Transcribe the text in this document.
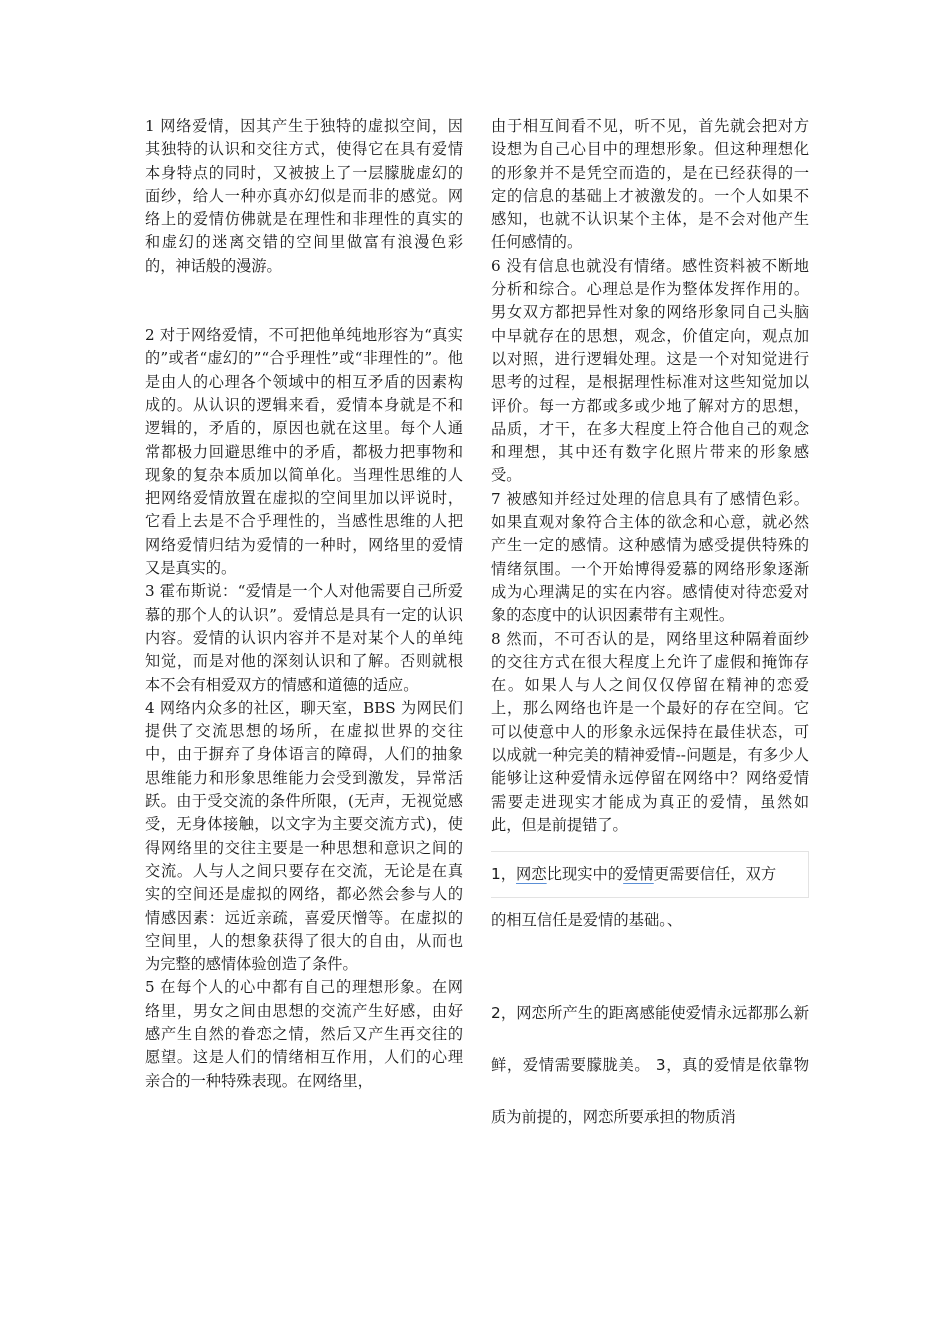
1 网络爱情，因其产生于独特的虚拟空间，因其独特的认识和交往方式，使得它在具有爱情本身特点的同时，又被披上了一层朦胧虚幻的面纱，给人一种亦真亦幻似是而非的感觉。网络上的爱情仿佛就是在理性和非理性的真实的和虚幻的迷离交错的空间里做富有浪漫色彩的，神话般的漫游。

2 对于网络爱情，不可把他单纯地形容为“真实的”或者“虚幻的”“合乎理性”或“非理性的”。他是由人的心理各个领域中的相互矛盾的因素构成的。从认识的逻辑来看，爱情本身就是不和逻辑的，矛盾的，原因也就在这里。每个人通常都极力回避思维中的矛盾，都极力把事物和现象的复杂本质加以简单化。当理性思维的人把网络爱情放置在虚拟的空间里加以评说时，它看上去是不合乎理性的，当感性思维的人把网络爱情归结为爱情的一种时，网络里的爱情又是真实的。

3 霍布斯说：“爱情是一个人对他需要自己所爱慕的那个人的认识”。爱情总是具有一定的认识内容。爱情的认识内容并不是对某个人的单纯知觉，而是对他的深刻认识和了解。否则就根本不会有相爱双方的情感和道德的适应。

4 网络内众多的社区，聊天室，BBS 为网民们提供了交流思想的场所，在虚拟世界的交往中，由于摒弃了身体语言的障碍，人们的抽象思维能力和形象思维能力会受到激发，异常活跃。由于受交流的条件所限，(无声，无视觉感受，无身体接触，以文字为主要交流方式)，使得网络里的交往主要是一种思想和意识之间的交流。人与人之间只要存在交流，无论是在真实的空间还是虚拟的网络，都必然会参与人的情感因素：远近亲疏，喜爱厌憎等。在虚拟的空间里，人的想象获得了很大的自由，从而也为完整的感情体验创造了条件。

5 在每个人的心中都有自己的理想形象。在网络里，男女之间由思想的交流产生好感，由好感产生自然的眷恋之情，然后又产生再交往的愿望。这是人们的情绪相互作用，人们的心理亲合的一种特殊表现。在网络里，

由于相互间看不见，听不见，首先就会把对方设想为自己心目中的理想形象。但这种理想化的形象并不是凭空而造的，是在已经获得的一定的信息的基础上才被激发的。一个人如果不感知，也就不认识某个主体，是不会对他产生任何感情的。

6 没有信息也就没有情绪。感性资料被不断地分析和综合。心理总是作为整体发挥作用的。男女双方都把异性对象的网络形象同自己头脑中早就存在的思想，观念，价值定向，观点加以对照，进行逻辑处理。这是一个对知觉进行思考的过程，是根据理性标准对这些知觉加以评价。每一方都或多或少地了解对方的思想，品质，才干，在多大程度上符合他自己的观念和理想，其中还有数字化照片带来的形象感受。

7 被感知并经过处理的信息具有了感情色彩。如果直观对象符合主体的欲念和心意，就必然产生一定的感情。这种感情为感受提供特殊的情绪氛围。一个开始博得爱慕的网络形象逐渐成为心理满足的实在内容。感情使对待恋爱对象的态度中的认识因素带有主观性。

8 然而，不可否认的是，网络里这种隔着面纱的交往方式在很大程度上允许了虚假和掩饰存在。如果人与人之间仅仅停留在精神的恋爱上，那么网络也许是一个最好的存在空间。它可以使意中人的形象永远保持在最佳状态，可以成就一种完美的精神爱情--问题是，有多少人能够让这种爱情永远停留在网络中？网络爱情需要走进现实才能成为真正的爱情，虽然如此，但是前提错了。

1，网恋比现实中的爱情更需要信任，双方

的相互信任是爱情的基础。、

2，网恋所产生的距离感能使爱情永远都那么新鲜，爱情需要朦胧美。 3，真的爱情是依靠物质为前提的，网恋所要承担的物质消
